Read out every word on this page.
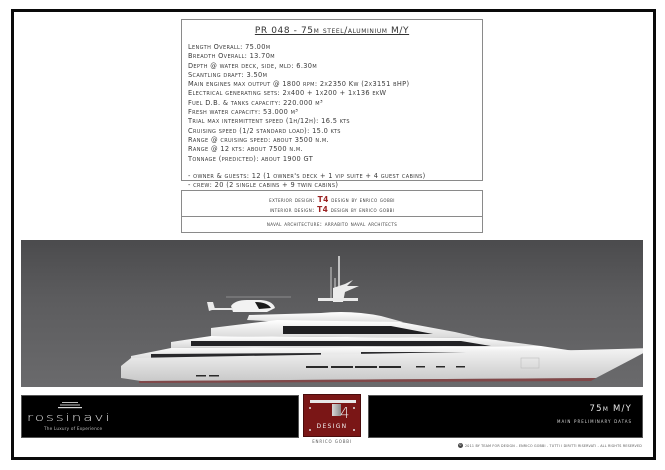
PR 048 - 75m steel/aluminium M/Y
Length Overall: 75.00m
Breadth Overall: 13.70m
Depth @ water deck, side, mld: 6.30m
Scantling draft: 3.50m
Main engines max output @ 1800 rpm: 2x2350 Kw (2x3151 bHP)
Electrical generating sets: 2x400 + 1x200 + 1x136 ekW
Fuel D.B. & tanks capacity: 220.000 m³
Fresh water capacity: 53.000 m³
Trial max intermittent speed (1h/12h): 16.5 kts
Cruising speed (1/2 standard load): 15.0 kts
Range @ cruising speed: about 3500 n.m.
Range @ 12 kts: about 7500 n.m.
Tonnage (predicted): about 1900 GT
- owner & guests: 12 (1 owner's deck + 1 vip suite + 4 guest cabins)
- crew: 20 (2 single cabins + 9 twin cabins)
exterior design: T4 design by enrico gobbi
interior design: T4 design by enrico gobbi
naval architecture: arrabito naval architects
rossinavi
The Luxury of Experience
4
DESIGN
enrico gobbi
75m M/Y
main preliminary datas
© 2011 BY TEAM FOR DESIGN - ENRICO GOBBI - TUTTI I DIRITTI RISERVATI - ALL RIGHTS RESERVED
